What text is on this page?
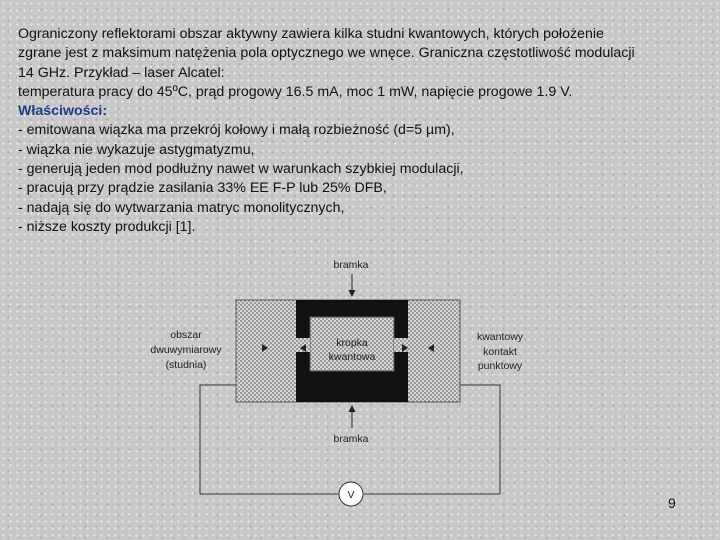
Ograniczony reflektorami obszar aktywny zawiera kilka studni kwantowych, których położenie
zgrane jest z maksimum natężenia pola optycznego we wnęce. Graniczna częstotliwość modulacji
14 GHz. Przykład – laser Alcatel:
temperatura pracy do 45ºC, prąd progowy 16.5 mA, moc 1 mW, napięcie progowe 1.9 V.
Właściwości:
- emitowana wiązka ma przekrój kołowy i małą rozbieżność (d=5 µm),
- wiązka nie wykazuje astygmatyzmu,
- generują jeden mod podłużny nawet w warunkach szybkiej modulacji,
- pracują przy prądzie zasilania 33% EE F-P lub 25% DFB,
- nadają się do wytwarzania matryc monolitycznych,
- niższe koszty produkcji [1].
bramka
bramka
kropka
kwantowa
obszar
dwuwymiarowy
(studnia)
kwantowy
kontakt
punktowy
V	9
